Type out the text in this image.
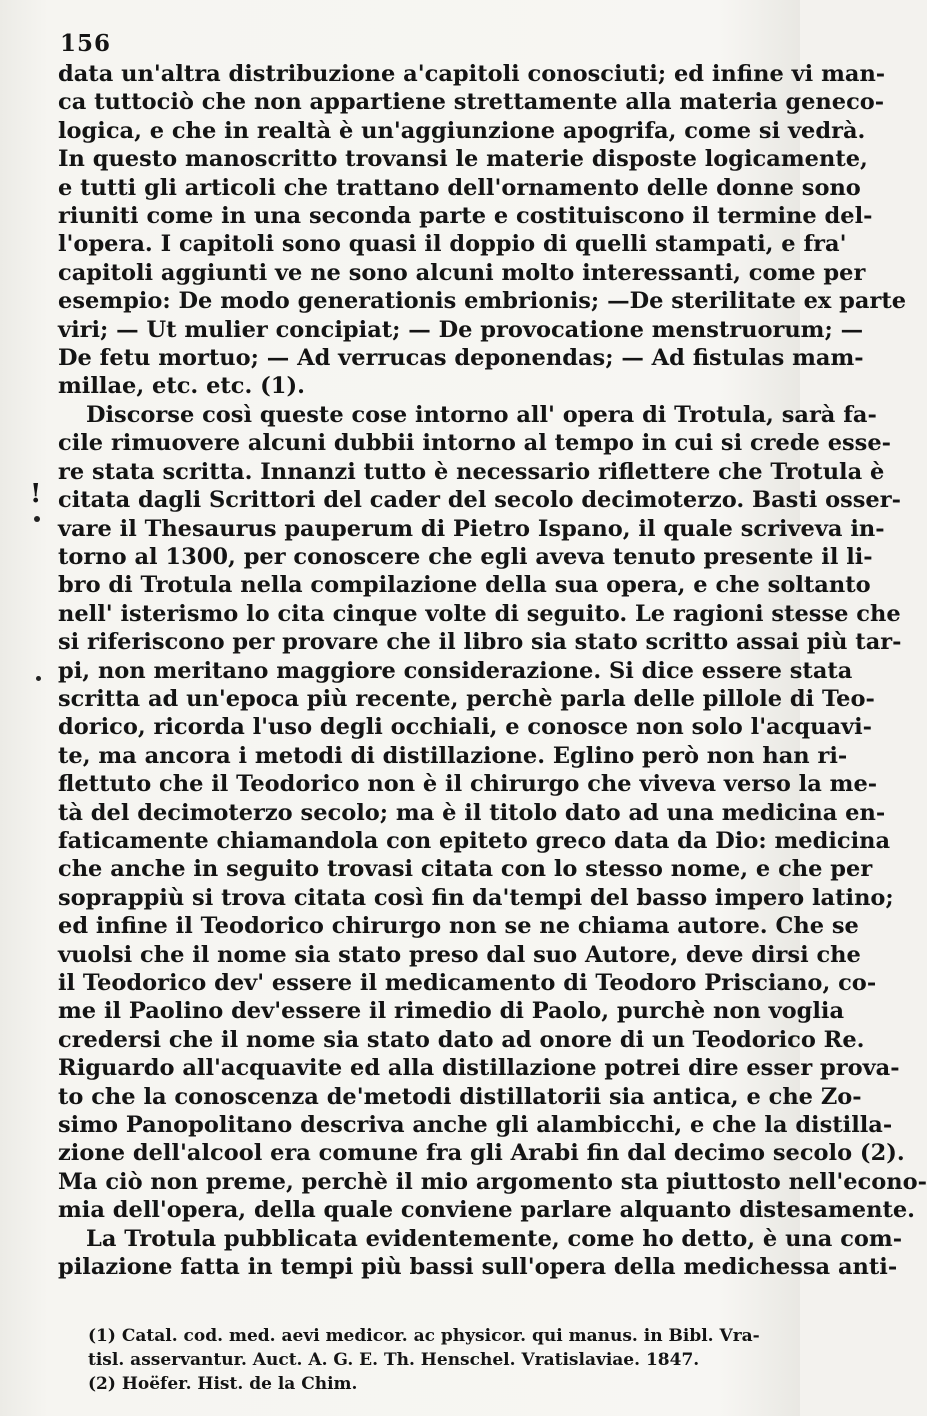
156
!
data un'altra distribuzione a'capitoli conosciuti; ed infine vi man-
ca tuttociò che non appartiene strettamente alla materia geneco-
logica, e che in realtà è un'aggiunzione apogrifa, come si vedrà.
In questo manoscritto trovansi le materie disposte logicamente,
e tutti gli articoli che trattano dell'ornamento delle donne sono
riuniti come in una seconda parte e costituiscono il termine del-
l'opera. I capitoli sono quasi il doppio di quelli stampati, e fra'
capitoli aggiunti ve ne sono alcuni molto interessanti, come per
esempio: De modo generationis embrionis; —De sterilitate ex parte
viri; — Ut mulier concipiat; — De provocatione menstruorum; —
De fetu mortuo; — Ad verrucas deponendas; — Ad fistulas mam-
millae, etc. etc. (1).
Discorse così queste cose intorno all' opera di Trotula, sarà fa-
cile rimuovere alcuni dubbii intorno al tempo in cui si crede esse-
re stata scritta. Innanzi tutto è necessario riflettere che Trotula è
citata dagli Scrittori del cader del secolo decimoterzo. Basti osser-
vare il Thesaurus pauperum di Pietro Ispano, il quale scriveva in-
torno al 1300, per conoscere che egli aveva tenuto presente il li-
bro di Trotula nella compilazione della sua opera, e che soltanto
nell' isterismo lo cita cinque volte di seguito. Le ragioni stesse che
si riferiscono per provare che il libro sia stato scritto assai più tar-
pi, non meritano maggiore considerazione. Si dice essere stata
scritta ad un'epoca più recente, perchè parla delle pillole di Teo-
dorico, ricorda l'uso degli occhiali, e conosce non solo l'acquavi-
te, ma ancora i metodi di distillazione. Eglino però non han ri-
flettuto che il Teodorico non è il chirurgo che viveva verso la me-
tà del decimoterzo secolo; ma è il titolo dato ad una medicina en-
faticamente chiamandola con epiteto greco data da Dio: medicina
che anche in seguito trovasi citata con lo stesso nome, e che per
soprappiù si trova citata così fin da'tempi del basso impero latino;
ed infine il Teodorico chirurgo non se ne chiama autore. Che se
vuolsi che il nome sia stato preso dal suo Autore, deve dirsi che
il Teodorico dev' essere il medicamento di Teodoro Prisciano, co-
me il Paolino dev'essere il rimedio di Paolo, purchè non voglia
credersi che il nome sia stato dato ad onore di un Teodorico Re.
Riguardo all'acquavite ed alla distillazione potrei dire esser prova-
to che la conoscenza de'metodi distillatorii sia antica, e che Zo-
simo Panopolitano descriva anche gli alambicchi, e che la distilla-
zione dell'alcool era comune fra gli Arabi fin dal decimo secolo (2).
Ma ciò non preme, perchè il mio argomento sta piuttosto nell'econo-
mia dell'opera, della quale conviene parlare alquanto distesamente.
La Trotula pubblicata evidentemente, come ho detto, è una com-
pilazione fatta in tempi più bassi sull'opera della medichessa anti-
(1) Catal. cod. med. aevi medicor. ac physicor. qui manus. in Bibl. Vra-
tisl. asservantur. Auct. A. G. E. Th. Henschel. Vratislaviae. 1847.
(2) Hoëfer. Hist. de la Chim.
